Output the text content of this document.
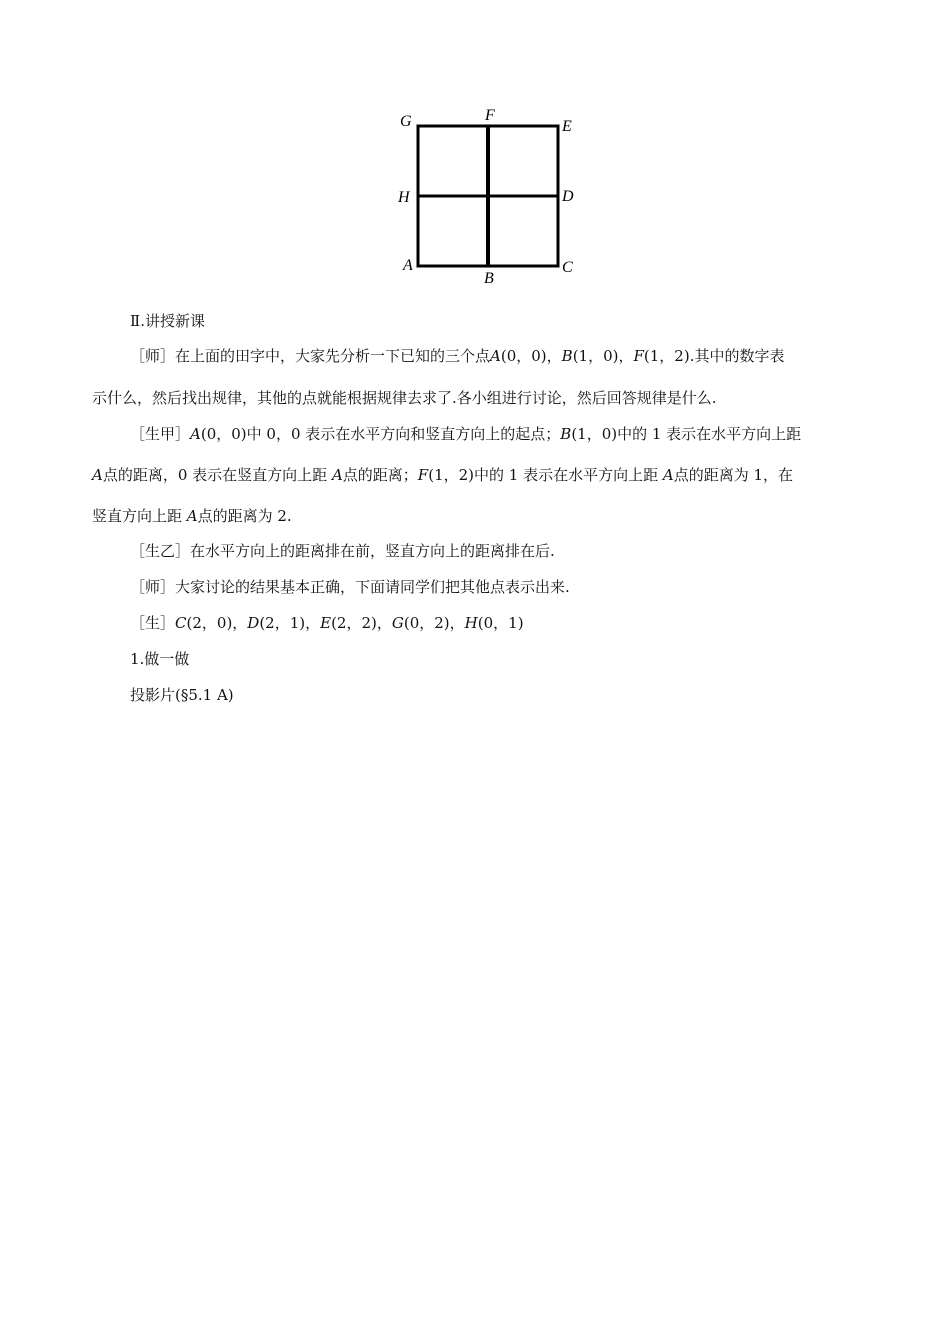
G	F
E
H	D
A
B
C
Ⅱ.讲授新课
［师］在上面的田字中，大家先分析一下已知的三个点A(0，0)，B(1，0)，F(1，2).其中的数字表
示什么，然后找出规律，其他的点就能根据规律去求了.各小组进行讨论，然后回答规律是什么.
［生甲］A(0，0)中 0，0 表示在水平方向和竖直方向上的起点；B(1，0)中的 1 表示在水平方向上距
A点的距离，0 表示在竖直方向上距 A点的距离；F(1，2)中的 1 表示在水平方向上距 A点的距离为 1，在
竖直方向上距 A点的距离为 2.
［生乙］在水平方向上的距离排在前，竖直方向上的距离排在后.
［师］大家讨论的结果基本正确，下面请同学们把其他点表示出来.
［生］C(2，0)，D(2，1)，E(2，2)，G(0，2)，H(0，1)
1.做一做
投影片(§5.1 A)
